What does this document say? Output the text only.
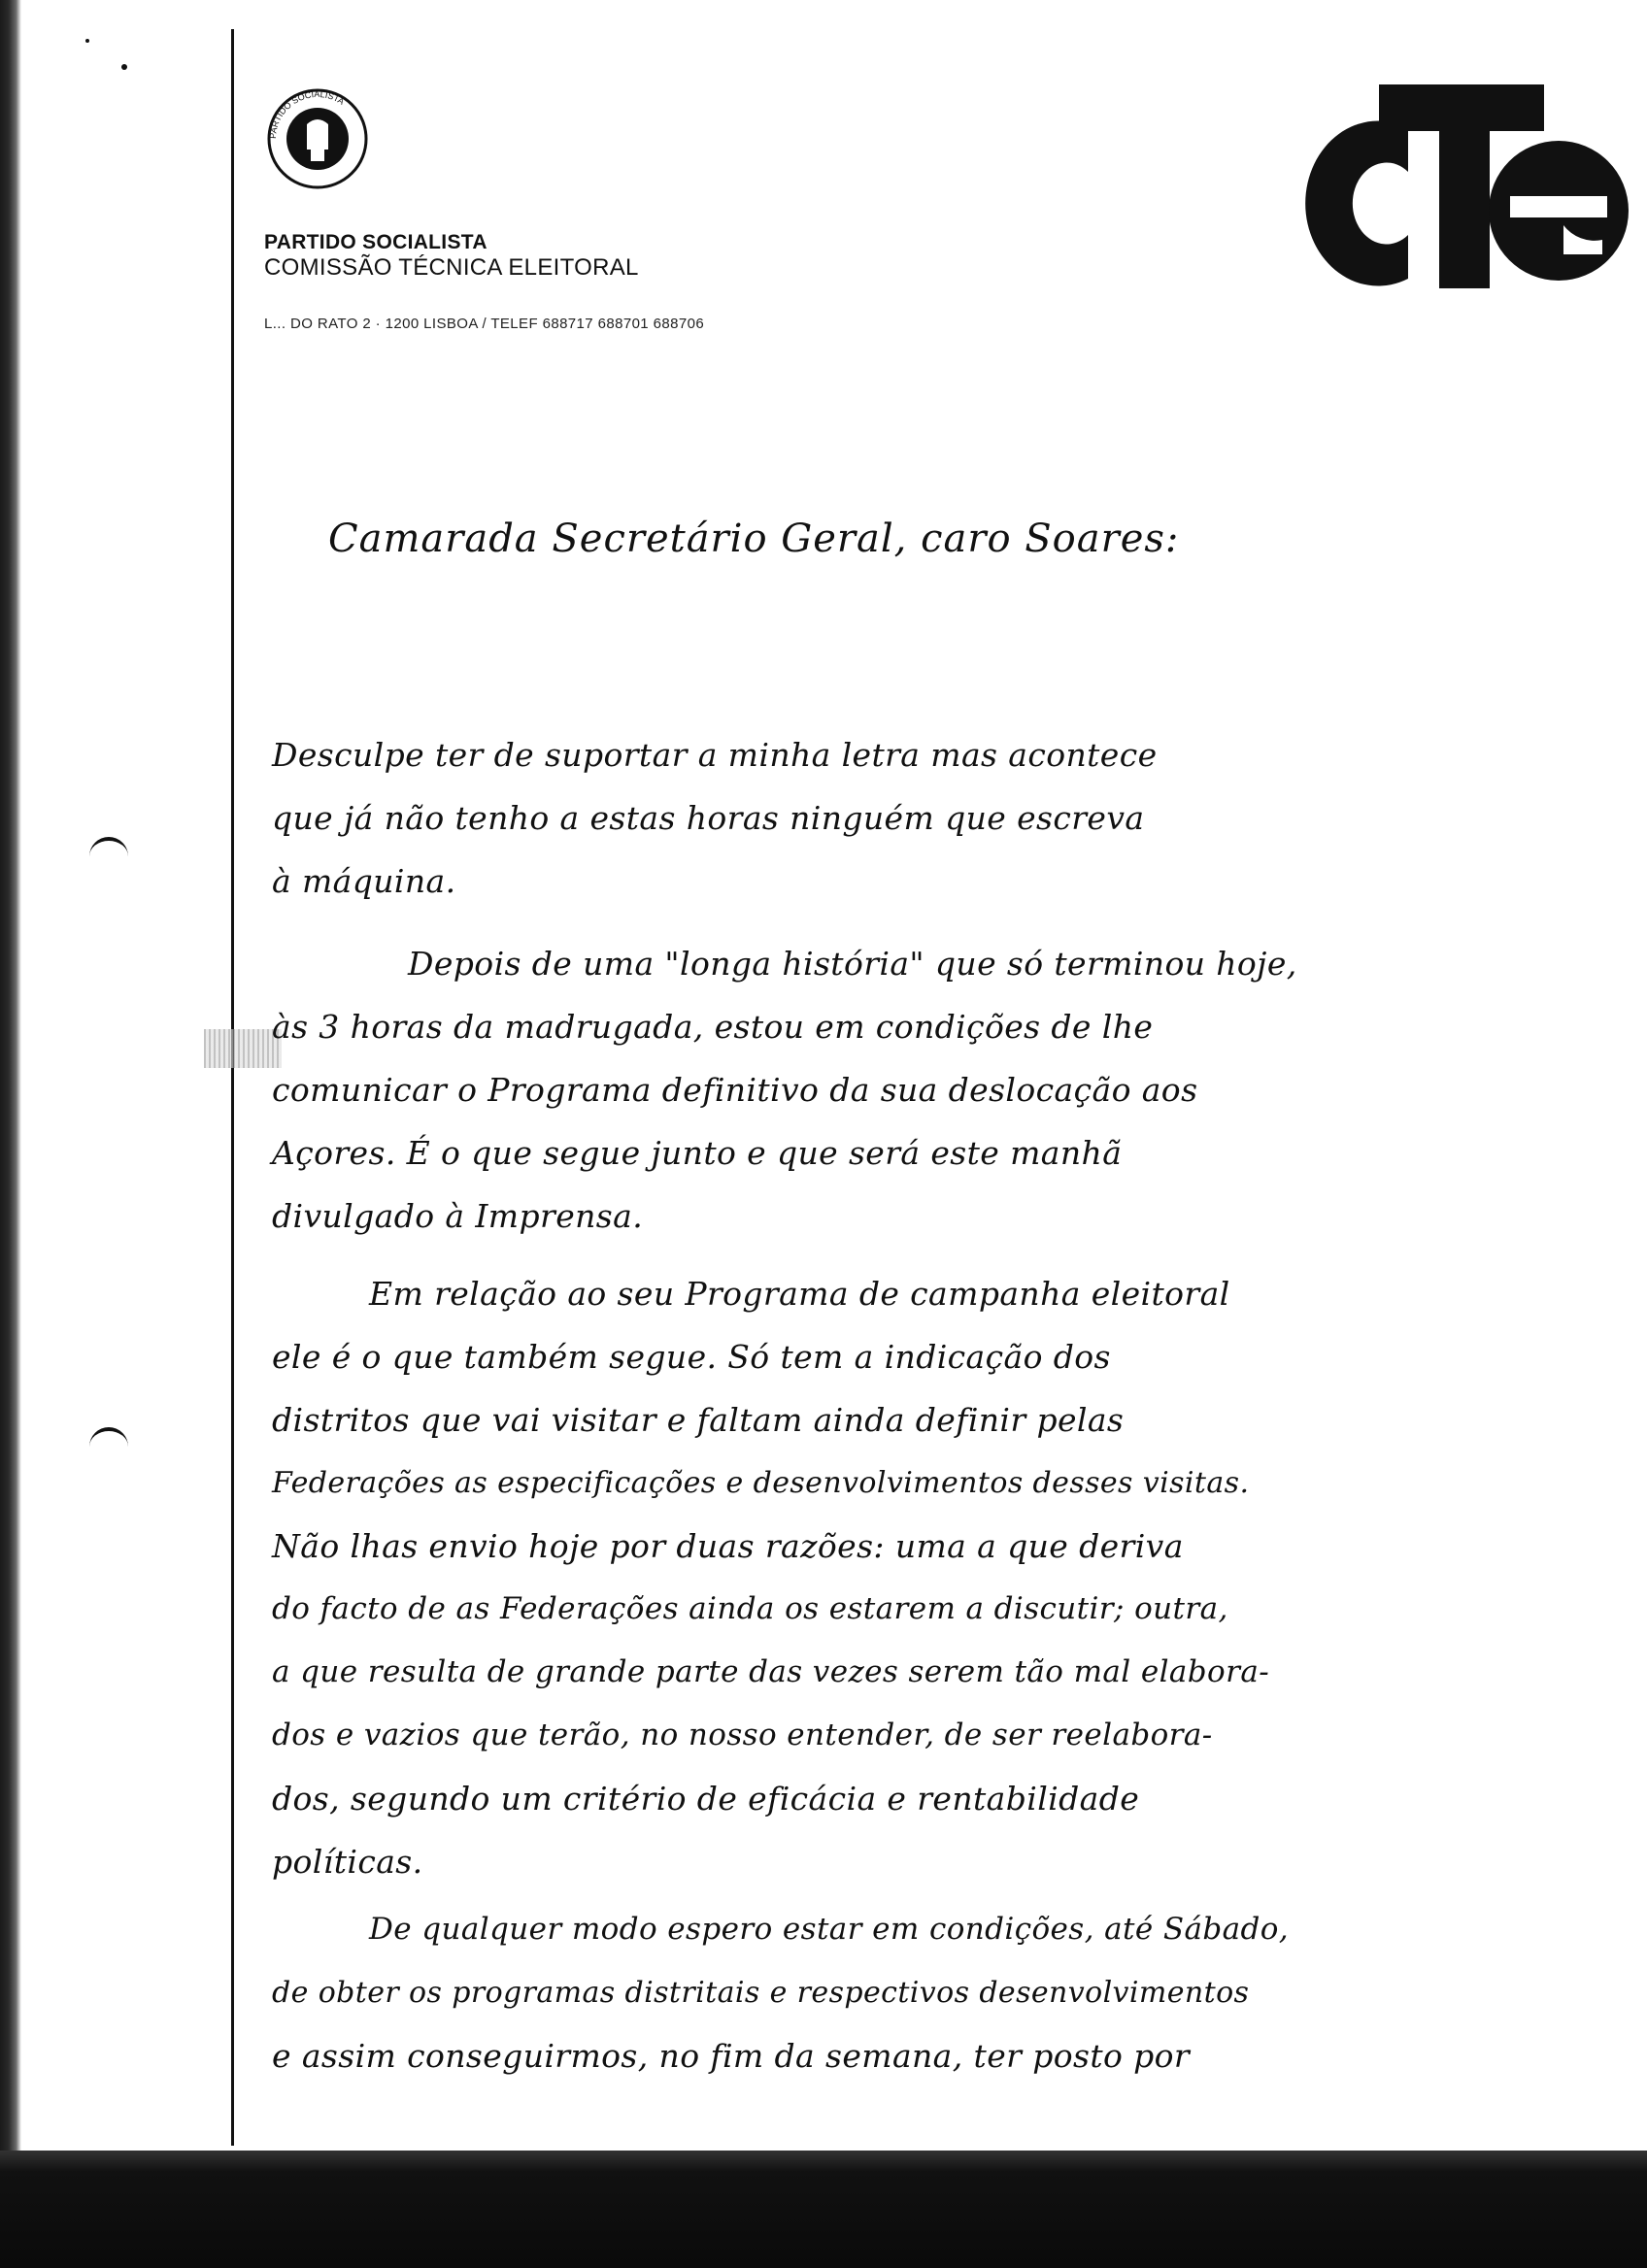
PARTIDO SOCIALISTA
PARTIDO SOCIALISTA
COMISSÃO TÉCNICA ELEITORAL
L... DO RATO 2 · 1200 LISBOA / TELEF 688717 688701 688706
CTE
Camarada Secretário Geral, caro Soares:
Desculpe ter de suportar a minha letra mas acontece
que já não tenho a estas horas ninguém que escreva
à máquina.
Depois de uma "longa história" que só terminou hoje,
às 3 horas da madrugada, estou em condições de lhe
comunicar o Programa definitivo da sua deslocação aos
Açores. É o que segue junto e que será este manhã
divulgado à Imprensa.
Em relação ao seu Programa de campanha eleitoral
ele é o que também segue. Só tem a indicação dos
distritos que vai visitar e faltam ainda definir pelas
Federações as especificações e desenvolvimentos desses visitas.
Não lhas envio hoje por duas razões: uma a que deriva
do facto de as Federações ainda os estarem a discutir; outra,
a que resulta de grande parte das vezes serem tão mal elabora-
dos e vazios que terão, no nosso entender, de ser reelabora-
dos, segundo um critério de eficácia e rentabilidade
políticas.
De qualquer modo espero estar em condições, até Sábado,
de obter os programas distritais e respectivos desenvolvimentos
e assim conseguirmos, no fim da semana, ter posto por
